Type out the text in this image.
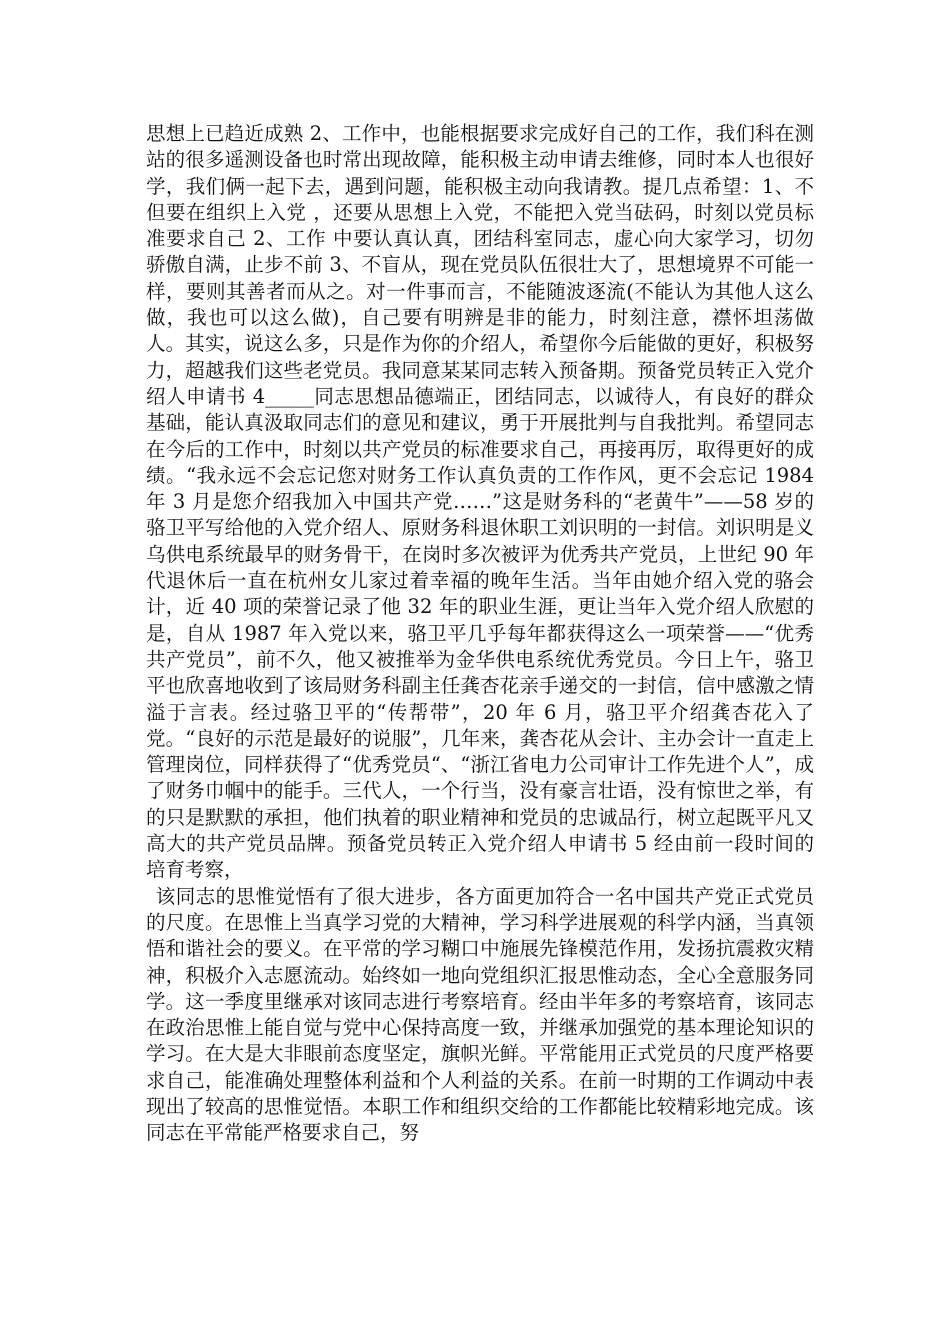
思想上已趋近成熟 2、工作中，也能根据要求完成好自己的工作，我们科在测站的很多遥测设备也时常出现故障，能积极主动申请去维修，同时本人也很好学，我们俩一起下去，遇到问题，能积极主动向我请教。提几点希望：1、不但要在组织上入党 ，还要从思想上入党，不能把入党当砝码，时刻以党员标准要求自己 2、工作 中要认真认真，团结科室同志，虚心向大家学习，切勿骄傲自满，止步不前 3、不盲从，现在党员队伍很壮大了，思想境界不可能一样，要则其善者而从之。对一件事而言，不能随波逐流(不能认为其他人这么做，我也可以这么做)，自己要有明辨是非的能力，时刻注意，襟怀坦荡做人。其实，说这么多，只是作为你的介绍人，希望你今后能做的更好，积极努力，超越我们这些老党员。我同意某某同志转入预备期。预备党员转正入党介绍人申请书 4_____同志思想品德端正，团结同志，以诚待人，有良好的群众基础，能认真汲取同志们的意见和建议，勇于开展批判与自我批判。希望同志在今后的工作中，时刻以共产党员的标准要求自己，再接再厉，取得更好的成绩。“我永远不会忘记您对财务工作认真负责的工作作风，更不会忘记 1984 年 3 月是您介绍我加入中国共产党……”这是财务科的“老黄牛”——58 岁的骆卫平写给他的入党介绍人、原财务科退休职工刘识明的一封信。刘识明是义乌供电系统最早的财务骨干，在岗时多次被评为优秀共产党员，上世纪 90 年代退休后一直在杭州女儿家过着幸福的晚年生活。当年由她介绍入党的骆会计，近 40 项的荣誉记录了他 32 年的职业生涯，更让当年入党介绍人欣慰的是，自从 1987 年入党以来，骆卫平几乎每年都获得这么一项荣誉——“优秀共产党员”，前不久，他又被推举为金华供电系统优秀党员。今日上午，骆卫平也欣喜地收到了该局财务科副主任龚杏花亲手递交的一封信，信中感激之情溢于言表。经过骆卫平的“传帮带”，20 年 6 月，骆卫平介绍龚杏花入了党。“良好的示范是最好的说服”，几年来，龚杏花从会计、主办会计一直走上管理岗位，同样获得了“优秀党员“、“浙江省电力公司审计工作先进个人”，成了财务巾帼中的能手。三代人，一个行当，没有豪言壮语，没有惊世之举，有的只是默默的承担，他们执着的职业精神和党员的忠诚品行，树立起既平凡又高大的共产党员品牌。预备党员转正入党介绍人申请书 5 经由前一段时间的培育考察，

该同志的思惟觉悟有了很大进步，各方面更加符合一名中国共产党正式党员的尺度。在思惟上当真学习党的大精神，学习科学进展观的科学内涵，当真领悟和谐社会的要义。在平常的学习糊口中施展先锋模范作用，发扬抗震救灾精神，积极介入志愿流动。始终如一地向党组织汇报思惟动态，全心全意服务同学。这一季度里继承对该同志进行考察培育。经由半年多的考察培育，该同志在政治思惟上能自觉与党中心保持高度一致，并继承加强党的基本理论知识的学习。在大是大非眼前态度坚定，旗帜光鲜。平常能用正式党员的尺度严格要求自己，能准确处理整体利益和个人利益的关系。在前一时期的工作调动中表现出了较高的思惟觉悟。本职工作和组织交给的工作都能比较精彩地完成。该同志在平常能严格要求自己，努
